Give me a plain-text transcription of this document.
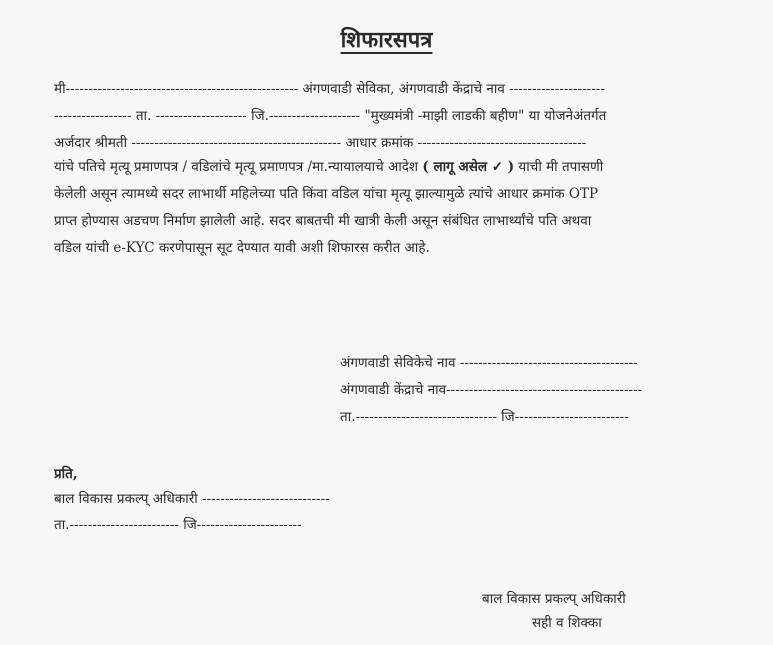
शिफारसपत्र
मी--------------------------------------------------- अंगणवाडी सेविका, अंगणवाडी केंद्राचे नाव ---------------------
----------------- ता. -------------------- जि.-------------------- "मुख्यमंत्री -माझी लाडकी बहीण" या योजनेअंतर्गत
अर्जदार श्रीमती ---------------------------------------------- आधार क्रमांक -------------------------------------
यांचे पतिचे मृत्यू प्रमाणपत्र / वडिलांचे मृत्यू प्रमाणपत्र /मा.न्यायालयाचे आदेश ( लागू असेल ✓ ) याची मी तपासणी
केलेली असून त्यामध्ये सदर लाभार्थी महिलेच्या पति किंवा वडिल यांचा मृत्यू झाल्यामुळे त्यांचे आधार क्रमांक OTP
प्राप्त होण्यास अडचण निर्माण झालेली आहे. सदर बाबतची मी खात्री केली असून संबंधित लाभार्थ्यांचे पति अथवा
वडिल यांची e-KYC करणेपासून सूट देण्यात यावी अशी शिफारस करीत आहे.
अंगणवाडी सेविकेचे नाव ---------------------------------------
अंगणवाडी केंद्राचे नाव-------------------------------------------
ता.------------------------------- जि-------------------------
प्रति,
बाल विकास प्रकल्प् अधिकारी ----------------------------
ता.------------------------ जि-----------------------
बाल विकास प्रकल्प् अधिकारी
सही व शिक्का
